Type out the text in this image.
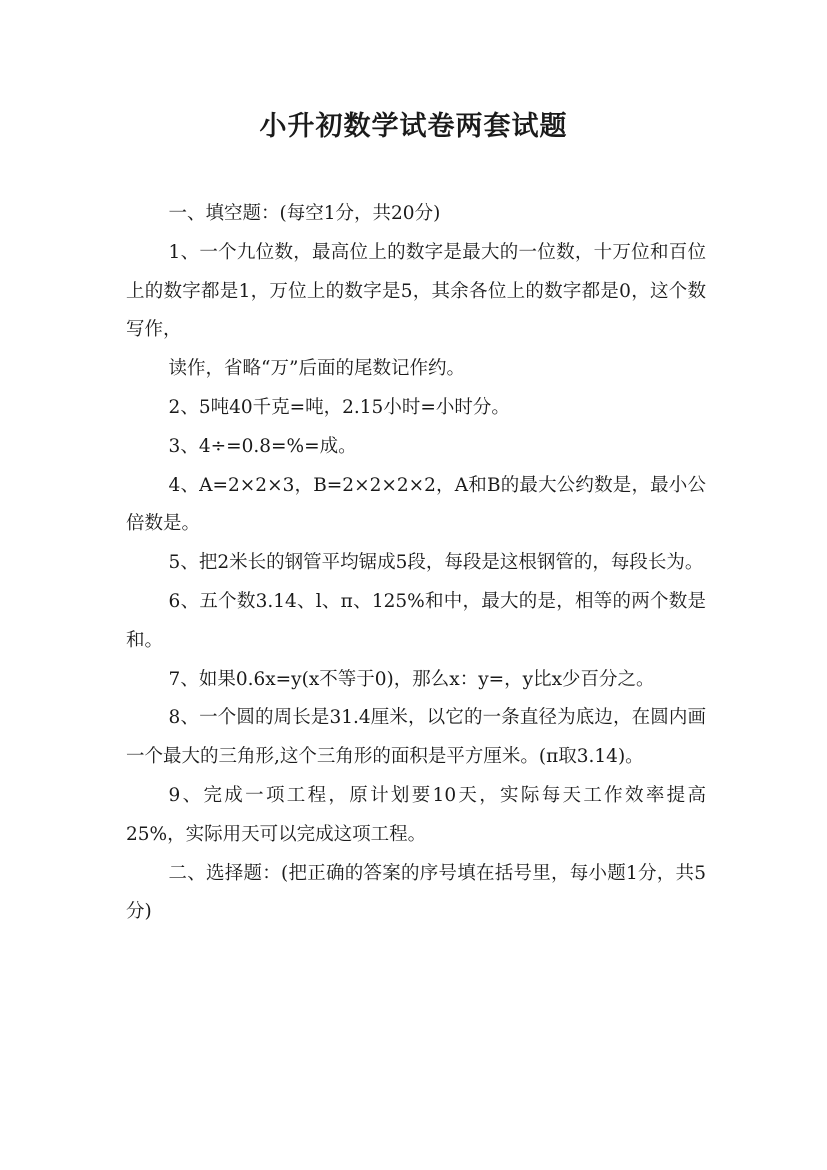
小升初数学试卷两套试题

一、填空题：(每空1分，共20分)

1、一个九位数，最高位上的数字是最大的一位数，十万位和百位上的数字都是1，万位上的数字是5，其余各位上的数字都是0，这个数写作，

读作，省略“万”后面的尾数记作约。

2、5吨40千克=吨，2.15小时=小时分。

3、4÷=0.8=%=成。

4、A=2×2×3，B=2×2×2×2，A和B的最大公约数是，最小公倍数是。

5、把2米长的钢管平均锯成5段，每段是这根钢管的，每段长为。

6、五个数3.14、l、π、125%和中，最大的是，相等的两个数是和。

7、如果0.6x=y(x不等于0)，那么x：y=，y比x少百分之。

8、一个圆的周长是31.4厘米，以它的一条直径为底边，在圆内画一个最大的三角形,这个三角形的面积是平方厘米。(π取3.14)。

9、完成一项工程，原计划要10天，实际每天工作效率提高25%，实际用天可以完成这项工程。

二、选择题：(把正确的答案的序号填在括号里，每小题1分，共5分)
